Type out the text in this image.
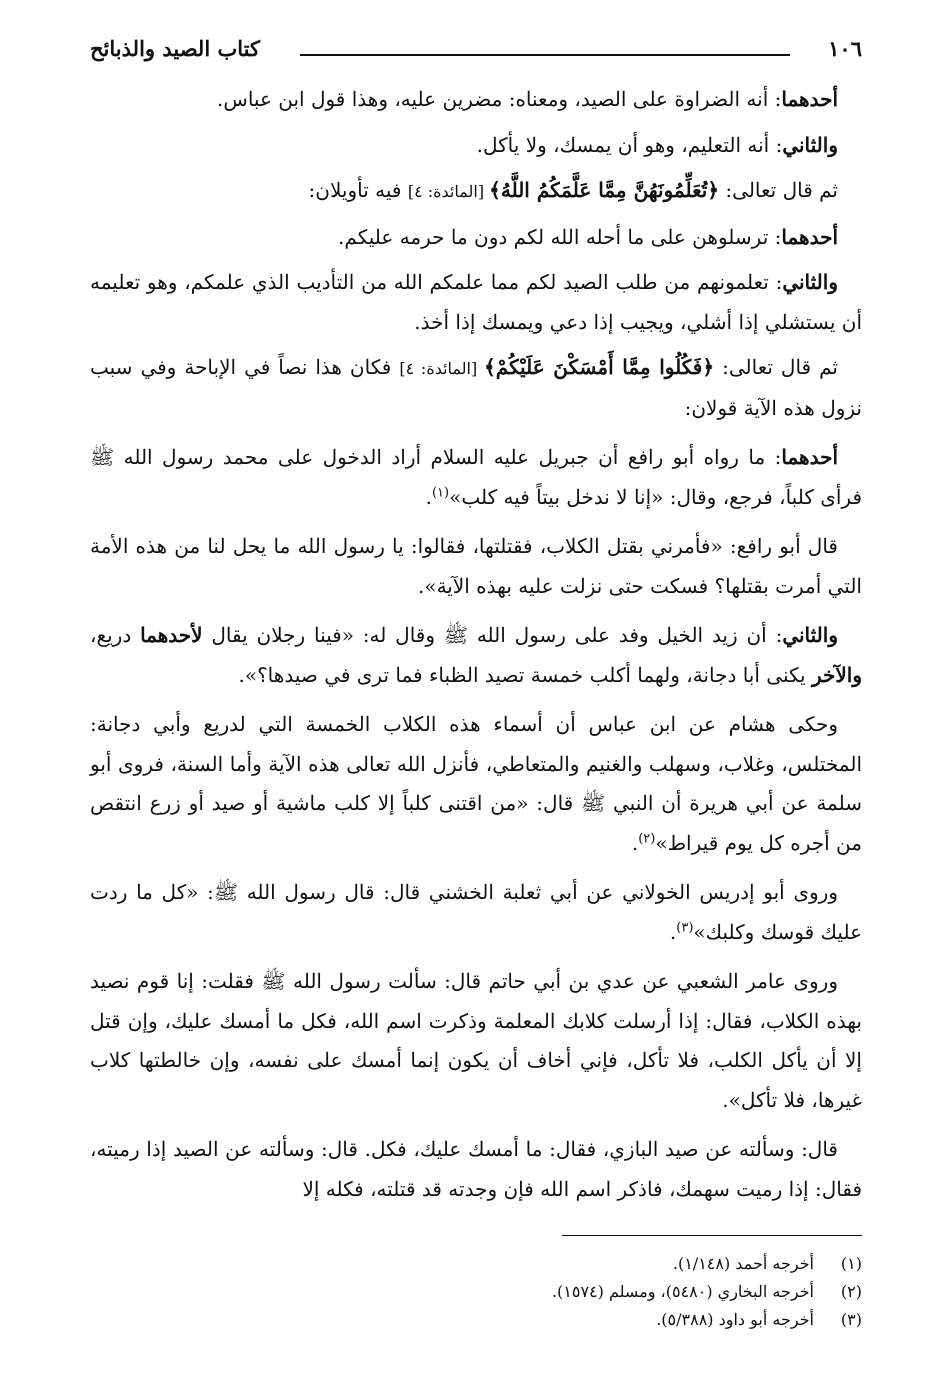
١٠٦
كتاب الصيد والذبائح

أحدهما: أنه الضراوة على الصيد، ومعناه: مضرين عليه، وهذا قول ابن عباس.

والثاني: أنه التعليم، وهو أن يمسك، ولا يأكل.

ثم قال تعالى: ﴿تُعَلِّمُونَهُنَّ مِمَّا عَلَّمَكُمُ اللَّهُ﴾ [المائدة: ٤] فيه تأويلان:

أحدهما: ترسلوهن على ما أحله الله لكم دون ما حرمه عليكم.

والثاني: تعلمونهم من طلب الصيد لكم مما علمكم الله من التأديب الذي علمكم، وهو تعليمه أن يستشلي إذا أشلي، ويجيب إذا دعي ويمسك إذا أخذ.

ثم قال تعالى: ﴿فَكُلُوا مِمَّا أَمْسَكْنَ عَلَيْكُمْ﴾ [المائدة: ٤] فكان هذا نصاً في الإباحة وفي سبب نزول هذه الآية قولان:

أحدهما: ما رواه أبو رافع أن جبريل عليه السلام أراد الدخول على محمد رسول الله ﷺ فرأى كلباً، فرجع، وقال: «إنا لا ندخل بيتاً فيه كلب»$^{(١)}$.

قال أبو رافع: «فأمرني بقتل الكلاب، فقتلتها، فقالوا: يا رسول الله ما يحل لنا من هذه الأمة التي أمرت بقتلها؟ فسكت حتى نزلت عليه بهذه الآية».

والثاني: أن زيد الخيل وفد على رسول الله ﷺ وقال له: «فينا رجلان يقال لأحدهما دريع، والآخر يكنى أبا دجانة، ولهما أكلب خمسة تصيد الظباء فما ترى في صيدها؟».

وحكى هشام عن ابن عباس أن أسماء هذه الكلاب الخمسة التي لدريع وأبي دجانة: المختلس، وغلاب، وسهلب والغنيم والمتعاطي، فأنزل الله تعالى هذه الآية وأما السنة، فروى أبو سلمة عن أبي هريرة أن النبي ﷺ قال: «من اقتنى كلباً إلا كلب ماشية أو صيد أو زرع انتقص من أجره كل يوم قيراط»$^{(٢)}$.

وروى أبو إدريس الخولاني عن أبي ثعلبة الخشني قال: قال رسول الله ﷺ: «كل ما ردت عليك قوسك وكلبك»$^{(٣)}$.

وروى عامر الشعبي عن عدي بن أبي حاتم قال: سألت رسول الله ﷺ فقلت: إنا قوم نصيد بهذه الكلاب، فقال: إذا أرسلت كلابك المعلمة وذكرت اسم الله، فكل ما أمسك عليك، وإن قتل إلا أن يأكل الكلب، فلا تأكل، فإني أخاف أن يكون إنما أمسك على نفسه، وإن خالطتها كلاب غيرها، فلا تأكل».

قال: وسألته عن صيد البازي، فقال: ما أمسك عليك، فكل. قال: وسألته عن الصيد إذا رميته، فقال: إذا رميت سهمك، فاذكر اسم الله فإن وجدته قد قتلته، فكله إلا

(١)
أخرجه أحمد (١/١٤٨).
(٢)
أخرجه البخاري (٥٤٨٠)، ومسلم (١٥٧٤).
(٣)
أخرجه أبو داود (٥/٣٨٨).
